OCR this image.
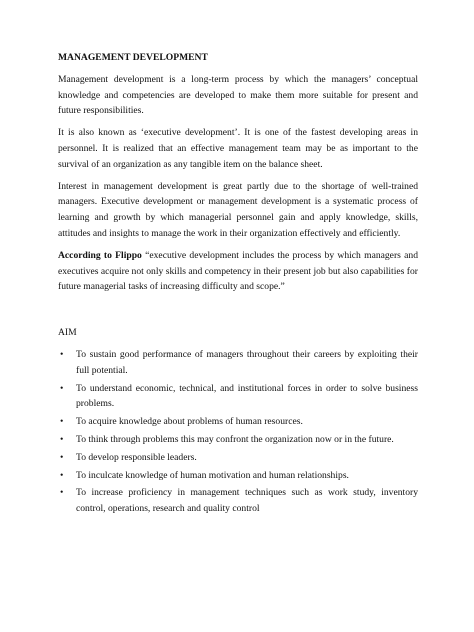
MANAGEMENT DEVELOPMENT

Management development is a long-term process by which the managers’ conceptual knowledge and competencies are developed to make them more suitable for present and future responsibilities.

It is also known as ‘executive development’. It is one of the fastest developing areas in personnel. It is realized that an effective management team may be as important to the survival of an organization as any tangible item on the balance sheet.

Interest in management development is great partly due to the shortage of well-trained managers. Executive development or management development is a systematic process of learning and growth by which managerial personnel gain and apply knowledge, skills, attitudes and insights to manage the work in their organization effectively and efficiently.

According to Flippo “executive development includes the process by which managers and executives acquire not only skills and competency in their present job but also capabilities for future managerial tasks of increasing difficulty and scope.”

AIM
• To sustain good performance of managers throughout their careers by exploiting their full potential.
• To understand economic, technical, and institutional forces in order to solve business problems.
• To acquire knowledge about problems of human resources.
• To think through problems this may confront the organization now or in the future.
• To develop responsible leaders.
• To inculcate knowledge of human motivation and human relationships.
• To increase proficiency in management techniques such as work study, inventory control, operations, research and quality control
